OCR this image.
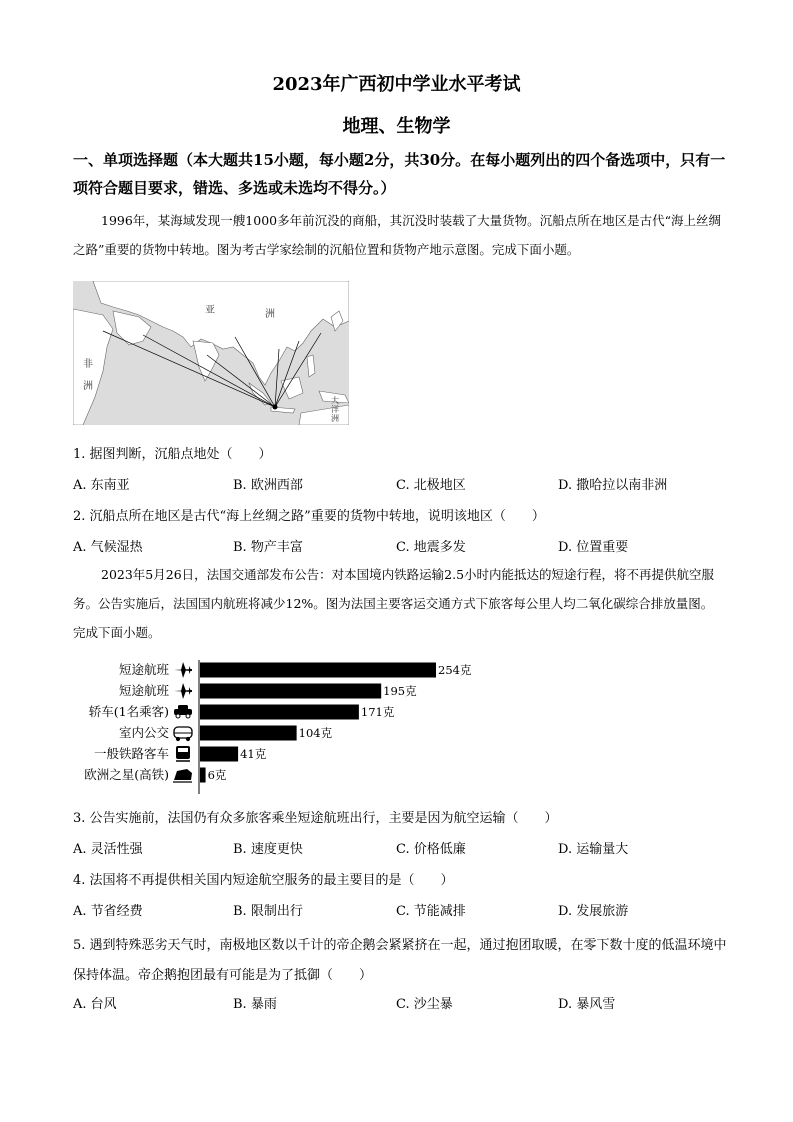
2023年广西初中学业水平考试
地理、生物学
一、单项选择题（本大题共15小题，每小题2分，共30分。在每小题列出的四个备选项中，只有一项符合题目要求，错选、多选或未选均不得分。）
1996年，某海域发现一艘1000多年前沉没的商船，其沉没时装载了大量货物。沉船点所在地区是古代“海上丝绸之路”重要的货物中转地。图为考古学家绘制的沉船位置和货物产地示意图。完成下面小题。
亚	洲
非
洲
大
洋
洲
1. 据图判断，沉船点地处（　　）
A. 东南亚	B. 欧洲西部	C. 北极地区	D. 撒哈拉以南非洲
2. 沉船点所在地区是古代“海上丝绸之路”重要的货物中转地，说明该地区（　　）
A. 气候湿热	B. 物产丰富	C. 地震多发	D. 位置重要
2023年5月26日，法国交通部发布公告：对本国境内铁路运输2.5小时内能抵达的短途行程，将不再提供航空服务。公告实施后，法国国内航班将减少12%。图为法国主要客运交通方式下旅客每公里人均二氧化碳综合排放量图。完成下面小题。
254克
短途航班
195克
短途航班
171克
轿车(1名乘客)
104克
室内公交
41克
一般铁路客车
6克
欧洲之星(高铁)
3. 公告实施前，法国仍有众多旅客乘坐短途航班出行，主要是因为航空运输（　　）
A. 灵活性强	B. 速度更快	C. 价格低廉	D. 运输量大
4. 法国将不再提供相关国内短途航空服务的最主要目的是（　　）
A. 节省经费	B. 限制出行	C. 节能减排	D. 发展旅游
5. 遇到特殊恶劣天气时，南极地区数以千计的帝企鹅会紧紧挤在一起，通过抱团取暖，在零下数十度的低温环境中保持体温。帝企鹅抱团最有可能是为了抵御（　　）
A. 台风	B. 暴雨	C. 沙尘暴	D. 暴风雪
